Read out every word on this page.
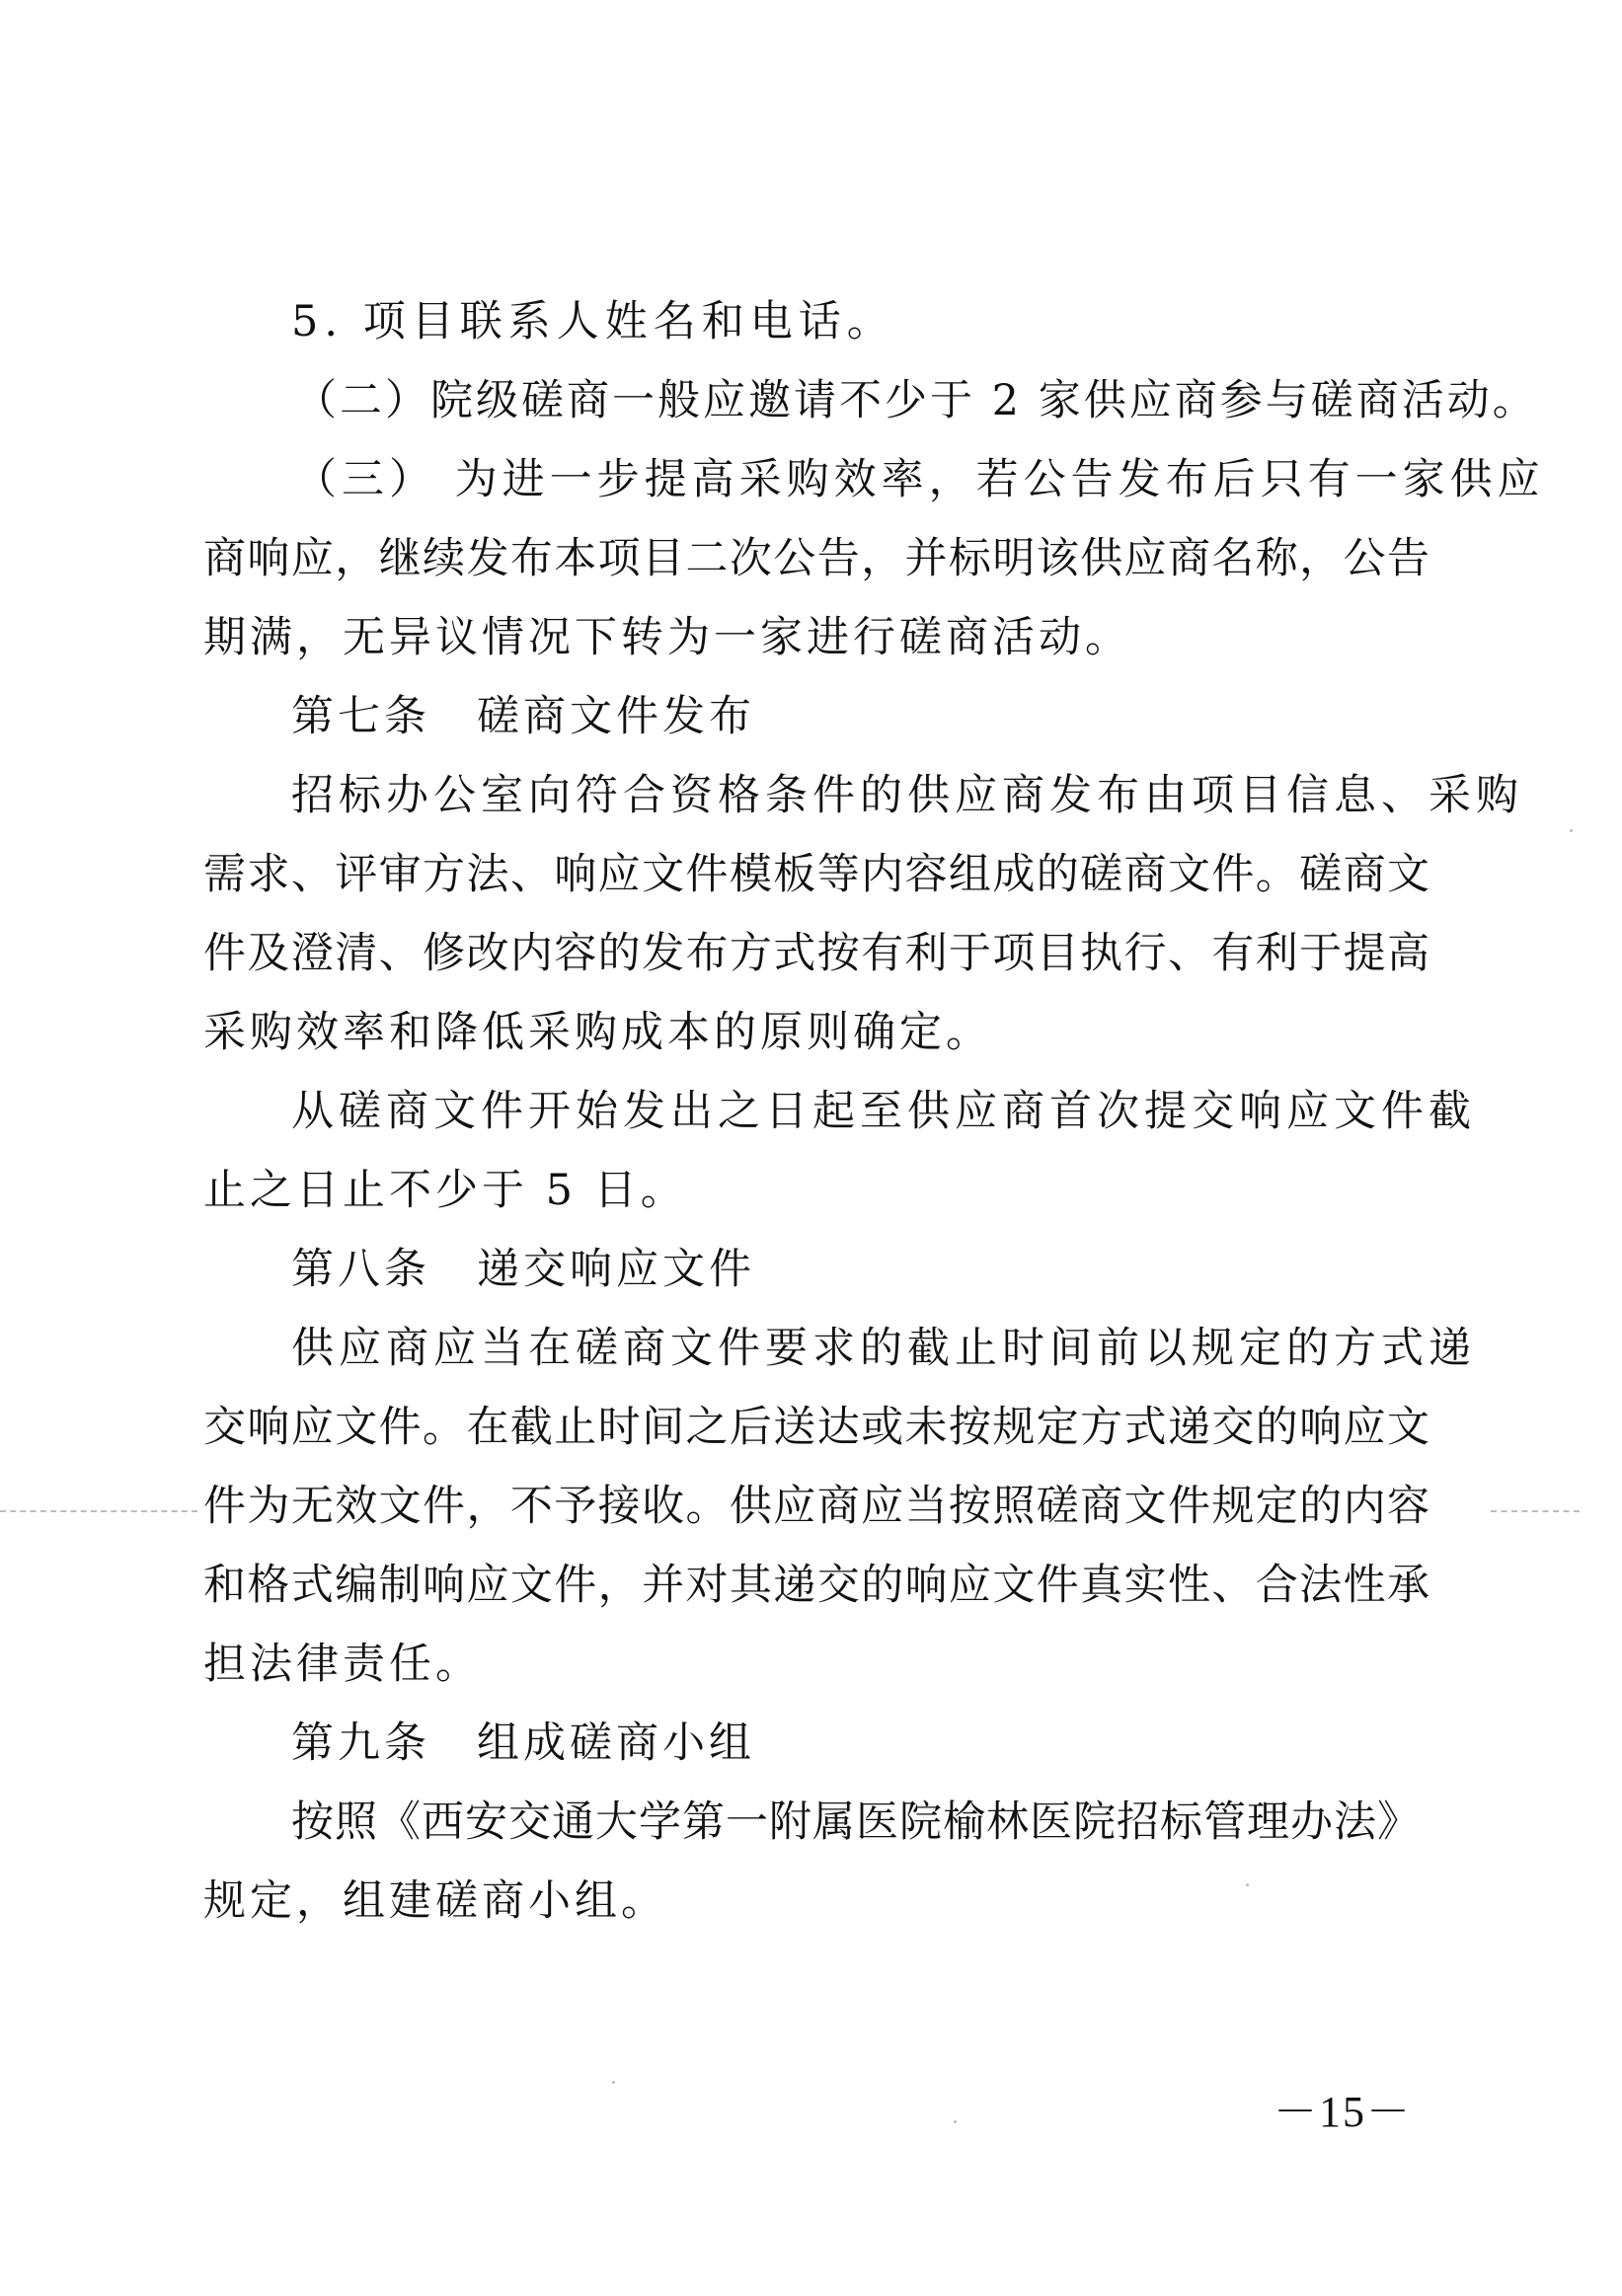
5. 项目联系人姓名和电话。
（二）院级磋商一般应邀请不少于 2 家供应商参与磋商活动。
（三） 为进一步提高采购效率，若公告发布后只有一家供应
商响应，继续发布本项目二次公告，并标明该供应商名称，公告
期满，无异议情况下转为一家进行磋商活动。
第七条　磋商文件发布
招标办公室向符合资格条件的供应商发布由项目信息、采购
需求、评审方法、响应文件模板等内容组成的磋商文件。磋商文
件及澄清、修改内容的发布方式按有利于项目执行、有利于提高
采购效率和降低采购成本的原则确定。
从磋商文件开始发出之日起至供应商首次提交响应文件截
止之日止不少于 5 日。
第八条　递交响应文件
供应商应当在磋商文件要求的截止时间前以规定的方式递
交响应文件。在截止时间之后送达或未按规定方式递交的响应文
件为无效文件，不予接收。供应商应当按照磋商文件规定的内容
和格式编制响应文件，并对其递交的响应文件真实性、合法性承
担法律责任。
第九条　组成磋商小组
按照《西安交通大学第一附属医院榆林医院招标管理办法》
规定，组建磋商小组。
－15－
